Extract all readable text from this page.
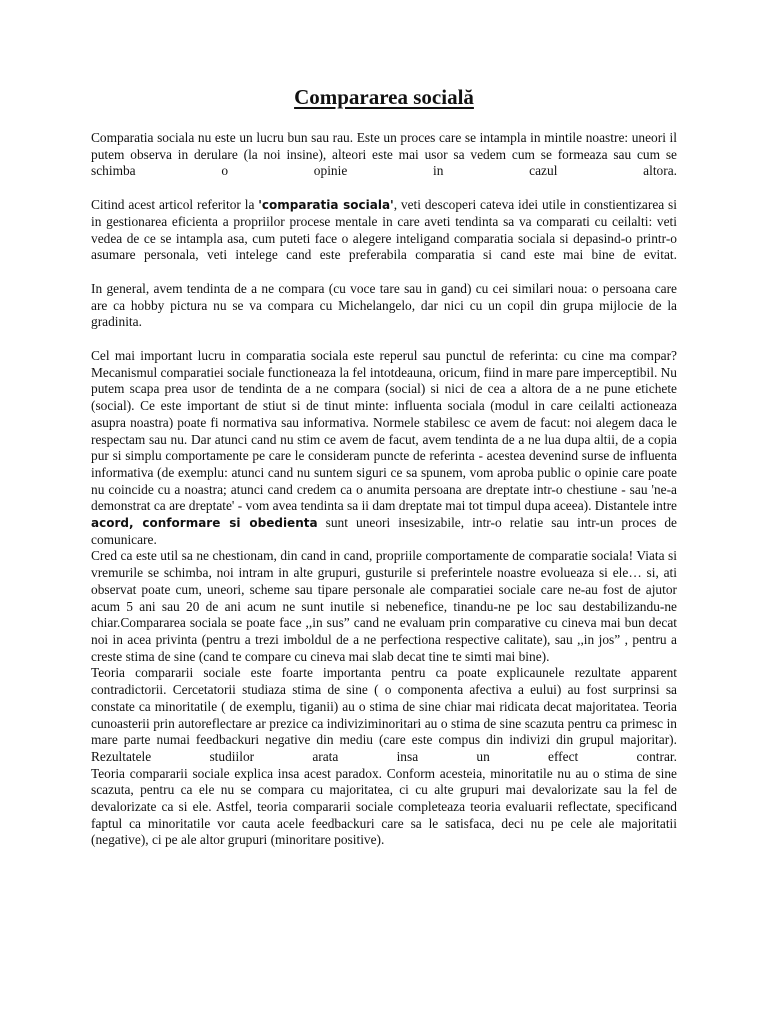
Compararea socială

Comparatia sociala nu este un lucru bun sau rau. Este un proces care se intampla in mintile noastre: uneori il putem observa in derulare (la noi insine), alteori este mai usor sa vedem cum se formeaza sau cum se schimba o opinie in cazul altora.

Citind acest articol referitor la 'comparatia sociala', veti descoperi cateva idei utile in constientizarea si in gestionarea eficienta a propriilor procese mentale in care aveti tendinta sa va comparati cu ceilalti: veti vedea de ce se intampla asa, cum puteti face o alegere inteligand comparatia sociala si depasind-o printr-o asumare personala, veti intelege cand este preferabila comparatia si cand este mai bine de evitat.

In general, avem tendinta de a ne compara (cu voce tare sau in gand) cu cei similari noua: o persoana care are ca hobby pictura nu se va compara cu Michelangelo, dar nici cu un copil din grupa mijlocie de la gradinita.

Cel mai important lucru in comparatia sociala este reperul sau punctul de referinta: cu cine ma compar? Mecanismul comparatiei sociale functioneaza la fel intotdeauna, oricum, fiind in mare pare imperceptibil. Nu putem scapa prea usor de tendinta de a ne compara (social) si nici de cea a altora de a ne pune etichete (social). Ce este important de stiut si de tinut minte: influenta sociala (modul in care ceilalti actioneaza asupra noastra) poate fi normativa sau informativa. Normele stabilesc ce avem de facut: noi alegem daca le respectam sau nu. Dar atunci cand nu stim ce avem de facut, avem tendinta de a ne lua dupa altii, de a copia pur si simplu comportamente pe care le consideram puncte de referinta - acestea devenind surse de influenta informativa (de exemplu: atunci cand nu suntem siguri ce sa spunem, vom aproba public o opinie care poate nu coincide cu a noastra; atunci cand credem ca o anumita persoana are dreptate intr-o chestiune - sau 'ne-a demonstrat ca are dreptate' - vom avea tendinta sa ii dam dreptate mai tot timpul dupa aceea). Distantele intre acord, conformare si obedienta sunt uneori insesizabile, intr-o relatie sau intr-un proces de comunicare.

Cred ca este util sa ne chestionam, din cand in cand, propriile comportamente de comparatie sociala! Viata si vremurile se schimba, noi intram in alte grupuri, gusturile si preferintele noastre evolueaza si ele… si, ati observat poate cum, uneori, scheme sau tipare personale ale comparatiei sociale care ne-au fost de ajutor acum 5 ani sau 20 de ani acum ne sunt inutile si nebenefice, tinandu-ne pe loc sau destabilizandu-ne chiar.Compararea sociala se poate face ,,in sus” cand ne evaluam prin comparative cu cineva mai bun decat noi in acea privinta (pentru a trezi imboldul de a ne perfectiona respective calitate), sau ,,in jos” , pentru a creste stima de sine (cand te compare cu cineva mai slab decat tine te simti mai bine).

Teoria compararii sociale este foarte importanta pentru ca poate explicaunele rezultate apparent contradictorii. Cercetatorii studiaza stima de sine ( o componenta afectiva a eului) au fost surprinsi sa constate ca minoritatile ( de exemplu, tiganii) au o stima de sine chiar mai ridicata decat majoritatea. Teoria cunoasterii prin autoreflectare ar prezice ca indiviziminoritari au o stima de sine scazuta pentru ca primesc in mare parte numai feedbackuri negative din mediu (care este compus din indivizi din grupul majoritar). Rezultatele studiilor arata insa un effect contrar.

Teoria compararii sociale explica insa acest paradox. Conform acesteia, minoritatile nu au o stima de sine scazuta, pentru ca ele nu se compara cu majoritatea, ci cu alte grupuri mai devalorizate sau la fel de devalorizate ca si ele. Astfel, teoria compararii sociale completeaza teoria evaluarii reflectate, specificand faptul ca minoritatile vor cauta acele feedbackuri care sa le satisfaca, deci nu pe cele ale majoritatii (negative), ci pe ale altor grupuri (minoritare positive).
